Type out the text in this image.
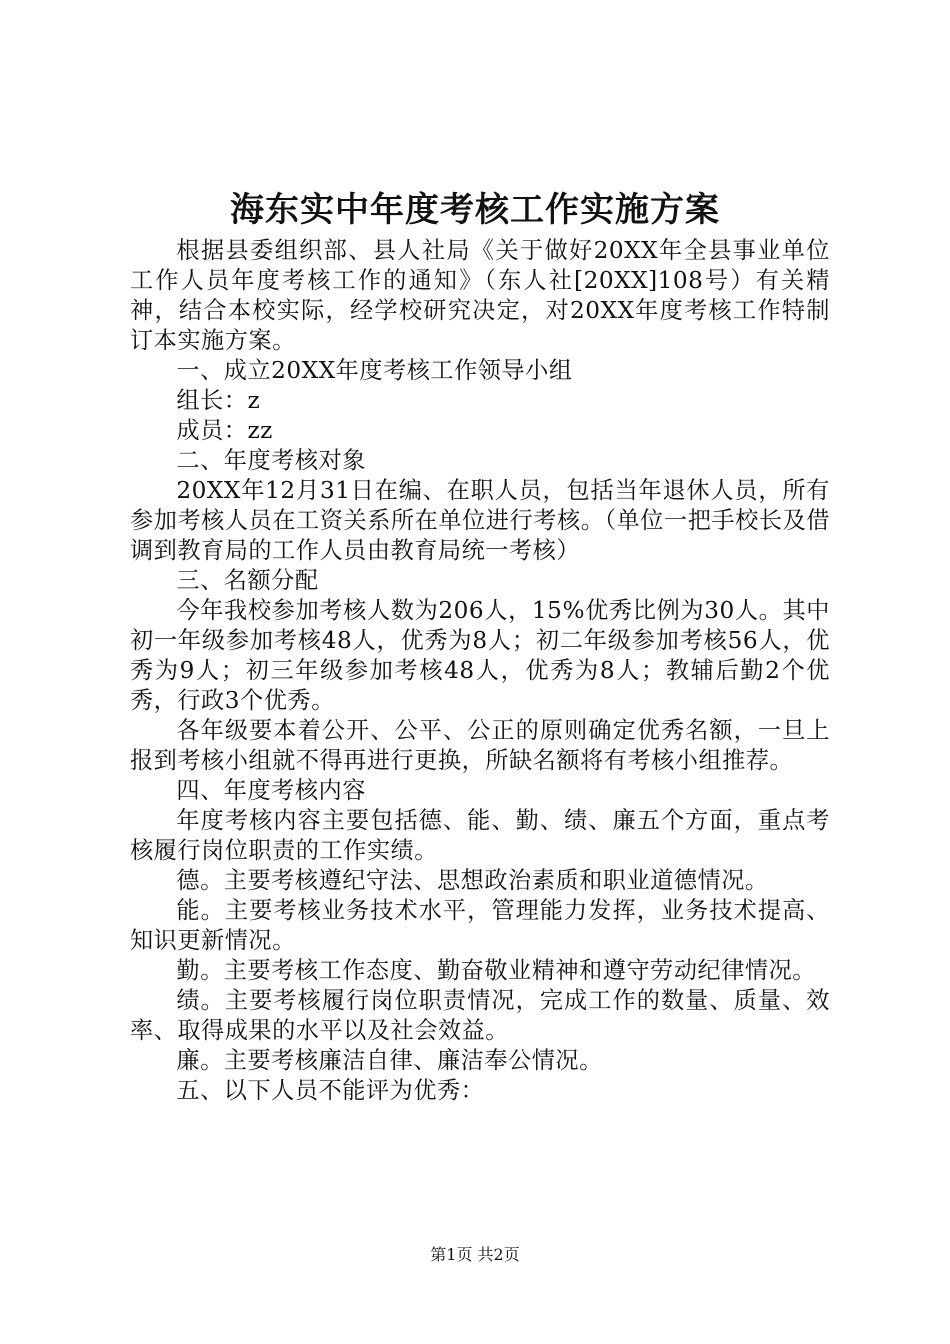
海东实中年度考核工作实施方案

根据县委组织部、县人社局《关于做好20XX年全县事业单位工作人员年度考核工作的通知》（东人社[20XX]108号）有关精神，结合本校实际，经学校研究决定，对20XX年度考核工作特制订本实施方案。

一、成立20XX年度考核工作领导小组

组长：z

成员：zz

二、年度考核对象

20XX年12月31日在编、在职人员，包括当年退休人员，所有参加考核人员在工资关系所在单位进行考核。（单位一把手校长及借调到教育局的工作人员由教育局统一考核）

三、名额分配

今年我校参加考核人数为206人，15%优秀比例为30人。其中初一年级参加考核48人，优秀为8人；初二年级参加考核56人，优秀为9人；初三年级参加考核48人，优秀为8人；教辅后勤2个优秀，行政3个优秀。

各年级要本着公开、公平、公正的原则确定优秀名额，一旦上报到考核小组就不得再进行更换，所缺名额将有考核小组推荐。

四、年度考核内容

年度考核内容主要包括德、能、勤、绩、廉五个方面，重点考核履行岗位职责的工作实绩。

德。主要考核遵纪守法、思想政治素质和职业道德情况。

能。主要考核业务技术水平，管理能力发挥，业务技术提高、知识更新情况。

勤。主要考核工作态度、勤奋敬业精神和遵守劳动纪律情况。

绩。主要考核履行岗位职责情况，完成工作的数量、质量、效率、取得成果的水平以及社会效益。

廉。主要考核廉洁自律、廉洁奉公情况。

五、以下人员不能评为优秀：

第1页 共2页
